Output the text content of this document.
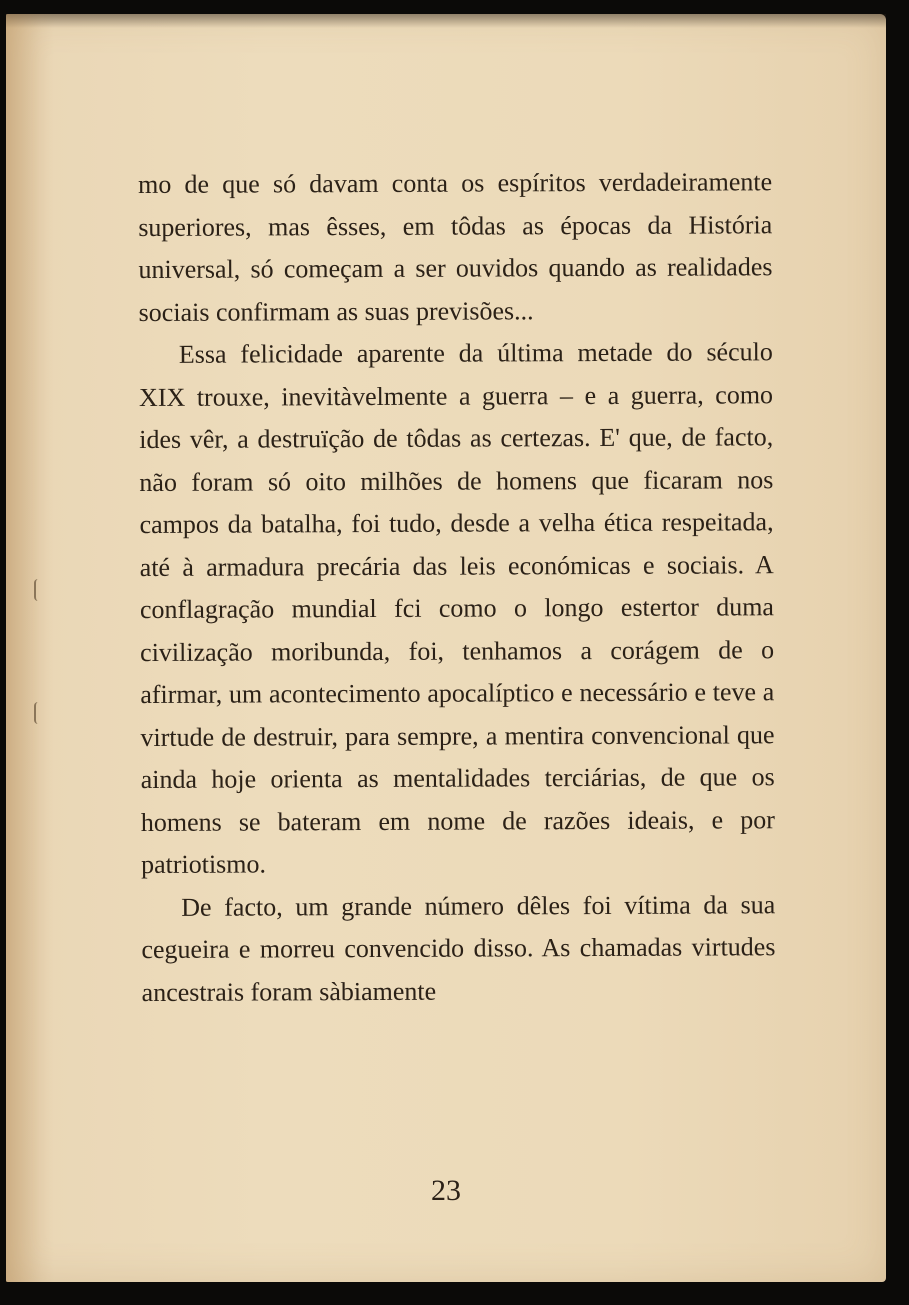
mo de que só davam conta os espíritos verdadeiramente superiores, mas êsses, em tôdas as épocas da História universal, só começam a ser ouvidos quando as realidades sociais confirmam as suas previsões...

Essa felicidade aparente da última metade do século XIX trouxe, inevitàvelmente a guerra – e a guerra, como ides vêr, a destruïção de tôdas as certezas. E' que, de facto, não foram só oito milhões de homens que ficaram nos campos da batalha, foi tudo, desde a velha ética respeitada, até à armadura precária das leis económicas e sociais. A conflagração mundial fci como o longo estertor duma civilização moribunda, foi, tenhamos a corágem de o afirmar, um acontecimento apocalíptico e necessário e teve a virtude de destruir, para sempre, a mentira convencional que ainda hoje orienta as mentalidades terciárias, de que os homens se bateram em nome de razões ideais, e por patriotismo.

De facto, um grande número dêles foi vítima da sua cegueira e morreu convencido disso. As chamadas virtudes ancestrais foram sàbiamente

23
